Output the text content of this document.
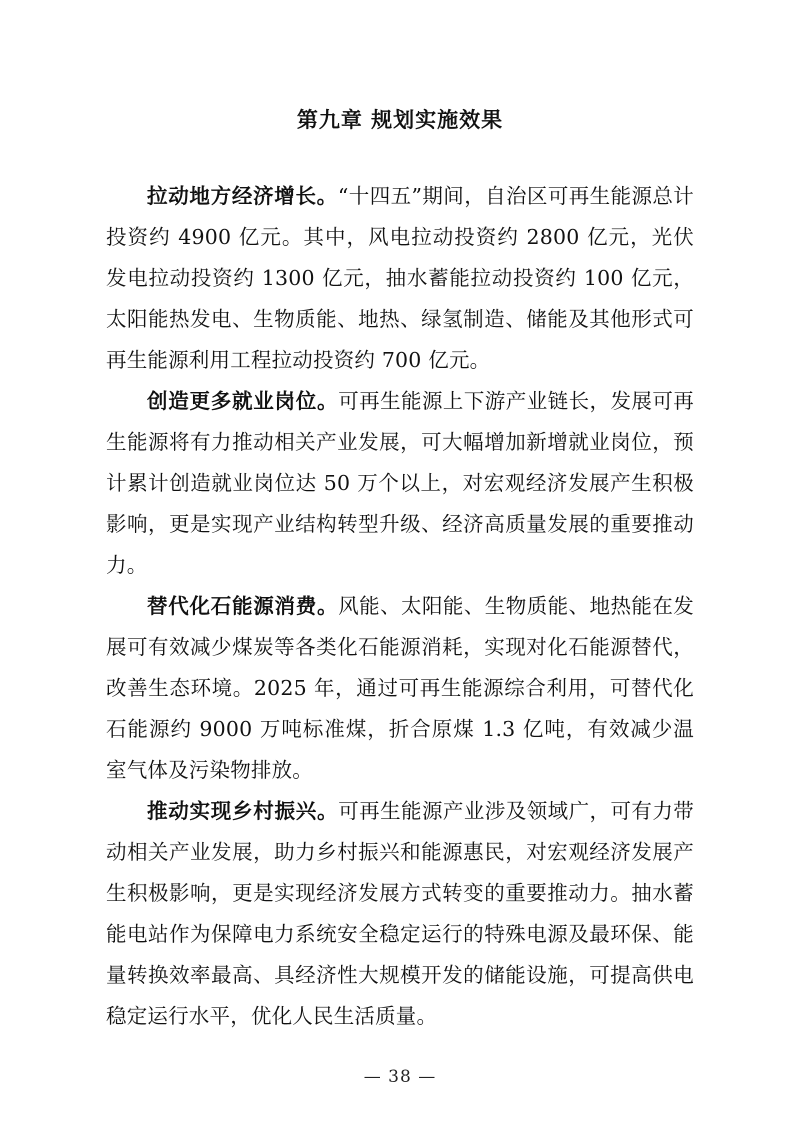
第九章 规划实施效果

拉动地方经济增长。“十四五”期间，自治区可再生能源总计投资约 4900 亿元。其中，风电拉动投资约 2800 亿元，光伏发电拉动投资约 1300 亿元，抽水蓄能拉动投资约 100 亿元，太阳能热发电、生物质能、地热、绿氢制造、储能及其他形式可再生能源利用工程拉动投资约 700 亿元。

创造更多就业岗位。可再生能源上下游产业链长，发展可再生能源将有力推动相关产业发展，可大幅增加新增就业岗位，预计累计创造就业岗位达 50 万个以上，对宏观经济发展产生积极影响，更是实现产业结构转型升级、经济高质量发展的重要推动力。

替代化石能源消费。风能、太阳能、生物质能、地热能在发展可有效减少煤炭等各类化石能源消耗，实现对化石能源替代，改善生态环境。2025 年，通过可再生能源综合利用，可替代化石能源约 9000 万吨标准煤，折合原煤 1.3 亿吨，有效减少温室气体及污染物排放。

推动实现乡村振兴。可再生能源产业涉及领域广，可有力带动相关产业发展，助力乡村振兴和能源惠民，对宏观经济发展产生积极影响，更是实现经济发展方式转变的重要推动力。抽水蓄能电站作为保障电力系统安全稳定运行的特殊电源及最环保、能量转换效率最高、具经济性大规模开发的储能设施，可提高供电稳定运行水平，优化人民生活质量。

— 38 —
